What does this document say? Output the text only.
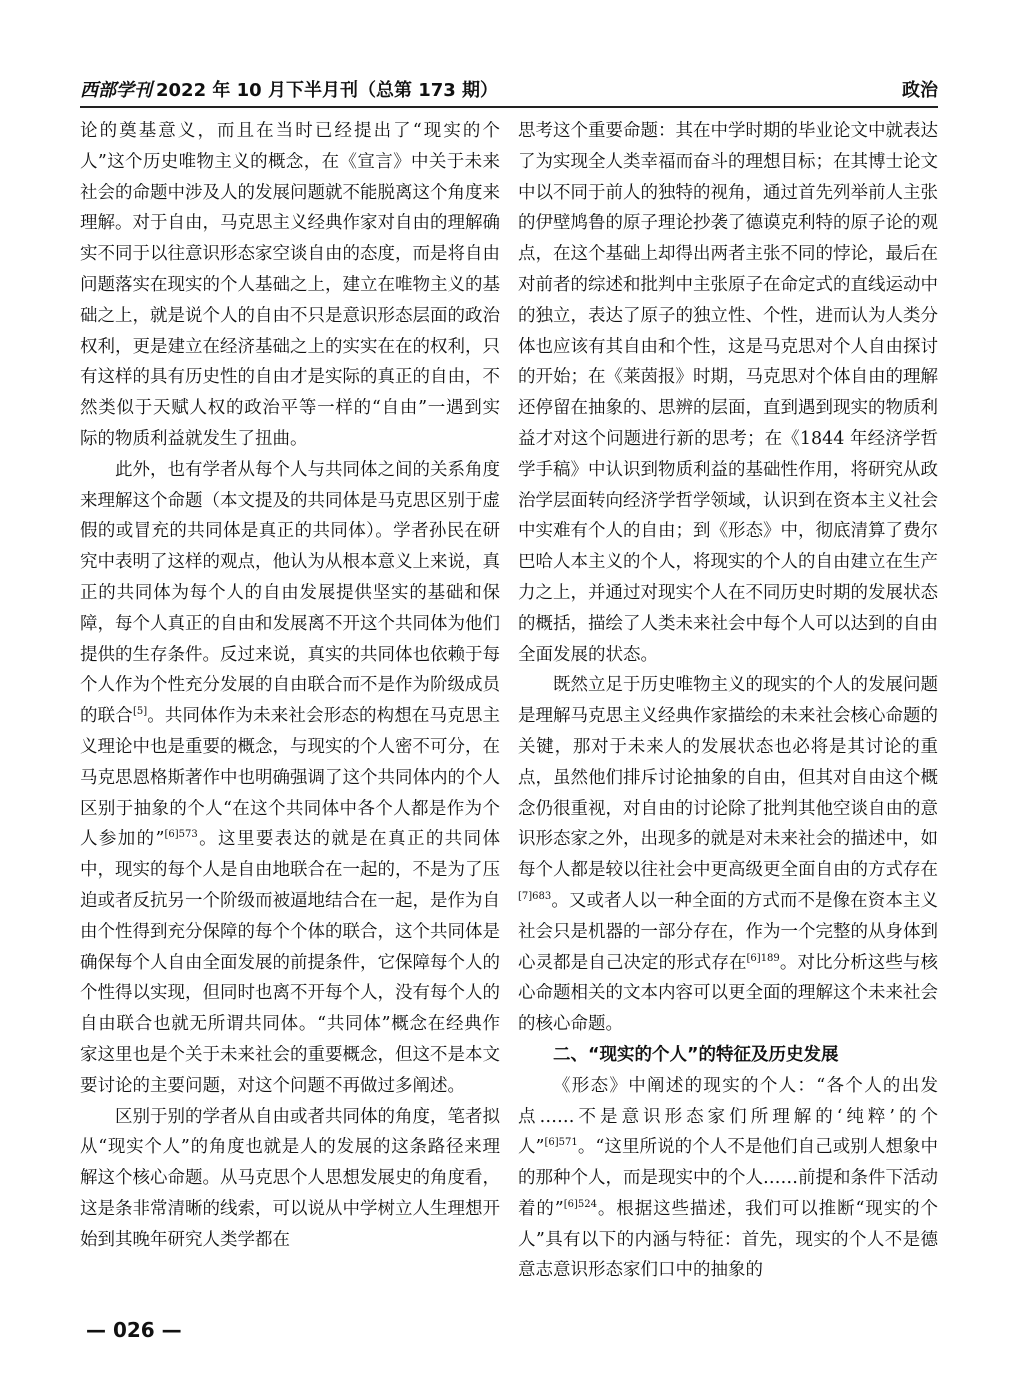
西部学刊 2022 年 10 月下半月刊（总第 173 期）	政治

论的奠基意义，而且在当时已经提出了“现实的个人”这个历史唯物主义的概念，在《宣言》中关于未来社会的命题中涉及人的发展问题就不能脱离这个角度来理解。对于自由，马克思主义经典作家对自由的理解确实不同于以往意识形态家空谈自由的态度，而是将自由问题落实在现实的个人基础之上，建立在唯物主义的基础之上，就是说个人的自由不只是意识形态层面的政治权利，更是建立在经济基础之上的实实在在的权利，只有这样的具有历史性的自由才是实际的真正的自由，不然类似于天赋人权的政治平等一样的“自由”一遇到实际的物质利益就发生了扭曲。

此外，也有学者从每个人与共同体之间的关系角度来理解这个命题（本文提及的共同体是马克思区别于虚假的或冒充的共同体是真正的共同体）。学者孙民在研究中表明了这样的观点，他认为从根本意义上来说，真正的共同体为每个人的自由发展提供坚实的基础和保障，每个人真正的自由和发展离不开这个共同体为他们提供的生存条件。反过来说，真实的共同体也依赖于每个人作为个性充分发展的自由联合而不是作为阶级成员的联合[5]。共同体作为未来社会形态的构想在马克思主义理论中也是重要的概念，与现实的个人密不可分，在马克思恩格斯著作中也明确强调了这个共同体内的个人区别于抽象的个人“在这个共同体中各个人都是作为个人参加的”$^{[6]573}$。这里要表达的就是在真正的共同体中，现实的每个人是自由地联合在一起的，不是为了压迫或者反抗另一个阶级而被逼地结合在一起，是作为自由个性得到充分保障的每个个体的联合，这个共同体是确保每个人自由全面发展的前提条件，它保障每个人的个性得以实现，但同时也离不开每个人，没有每个人的自由联合也就无所谓共同体。“共同体”概念在经典作家这里也是个关于未来社会的重要概念，但这不是本文要讨论的主要问题，对这个问题不再做过多阐述。

区别于别的学者从自由或者共同体的角度，笔者拟从“现实个人”的角度也就是人的发展的这条路径来理解这个核心命题。从马克思个人思想发展史的角度看，这是条非常清晰的线索，可以说从中学树立人生理想开始到其晚年研究人类学都在

思考这个重要命题：其在中学时期的毕业论文中就表达了为实现全人类幸福而奋斗的理想目标；在其博士论文中以不同于前人的独特的视角，通过首先列举前人主张的伊壁鸠鲁的原子理论抄袭了德谟克利特的原子论的观点，在这个基础上却得出两者主张不同的悖论，最后在对前者的综述和批判中主张原子在命定式的直线运动中的独立，表达了原子的独立性、个性，进而认为人类分体也应该有其自由和个性，这是马克思对个人自由探讨的开始；在《莱茵报》时期，马克思对个体自由的理解还停留在抽象的、思辨的层面，直到遇到现实的物质利益才对这个问题进行新的思考；在《1844 年经济学哲学手稿》中认识到物质利益的基础性作用，将研究从政治学层面转向经济学哲学领域，认识到在资本主义社会中实难有个人的自由；到《形态》中，彻底清算了费尔巴哈人本主义的个人，将现实的个人的自由建立在生产力之上，并通过对现实个人在不同历史时期的发展状态的概括，描绘了人类未来社会中每个人可以达到的自由全面发展的状态。

既然立足于历史唯物主义的现实的个人的发展问题是理解马克思主义经典作家描绘的未来社会核心命题的关键，那对于未来人的发展状态也必将是其讨论的重点，虽然他们排斥讨论抽象的自由，但其对自由这个概念仍很重视，对自由的讨论除了批判其他空谈自由的意识形态家之外，出现多的就是对未来社会的描述中，如每个人都是较以往社会中更高级更全面自由的方式存在$^{[7]683}$。又或者人以一种全面的方式而不是像在资本主义社会只是机器的一部分存在，作为一个完整的从身体到心灵都是自己决定的形式存在$^{[6]189}$。对比分析这些与核心命题相关的文本内容可以更全面的理解这个未来社会的核心命题。

二、“现实的个人”的特征及历史发展

《形态》中阐述的现实的个人：“各个人的出发点……不是意识形态家们所理解的‘纯粹’的个人”$^{[6]571}$。“这里所说的个人不是他们自己或别人想象中的那种个人，而是现实中的个人……前提和条件下活动着的”$^{[6]524}$。根据这些描述，我们可以推断“现实的个人”具有以下的内涵与特征：首先，现实的个人不是德意志意识形态家们口中的抽象的

— 026 —
